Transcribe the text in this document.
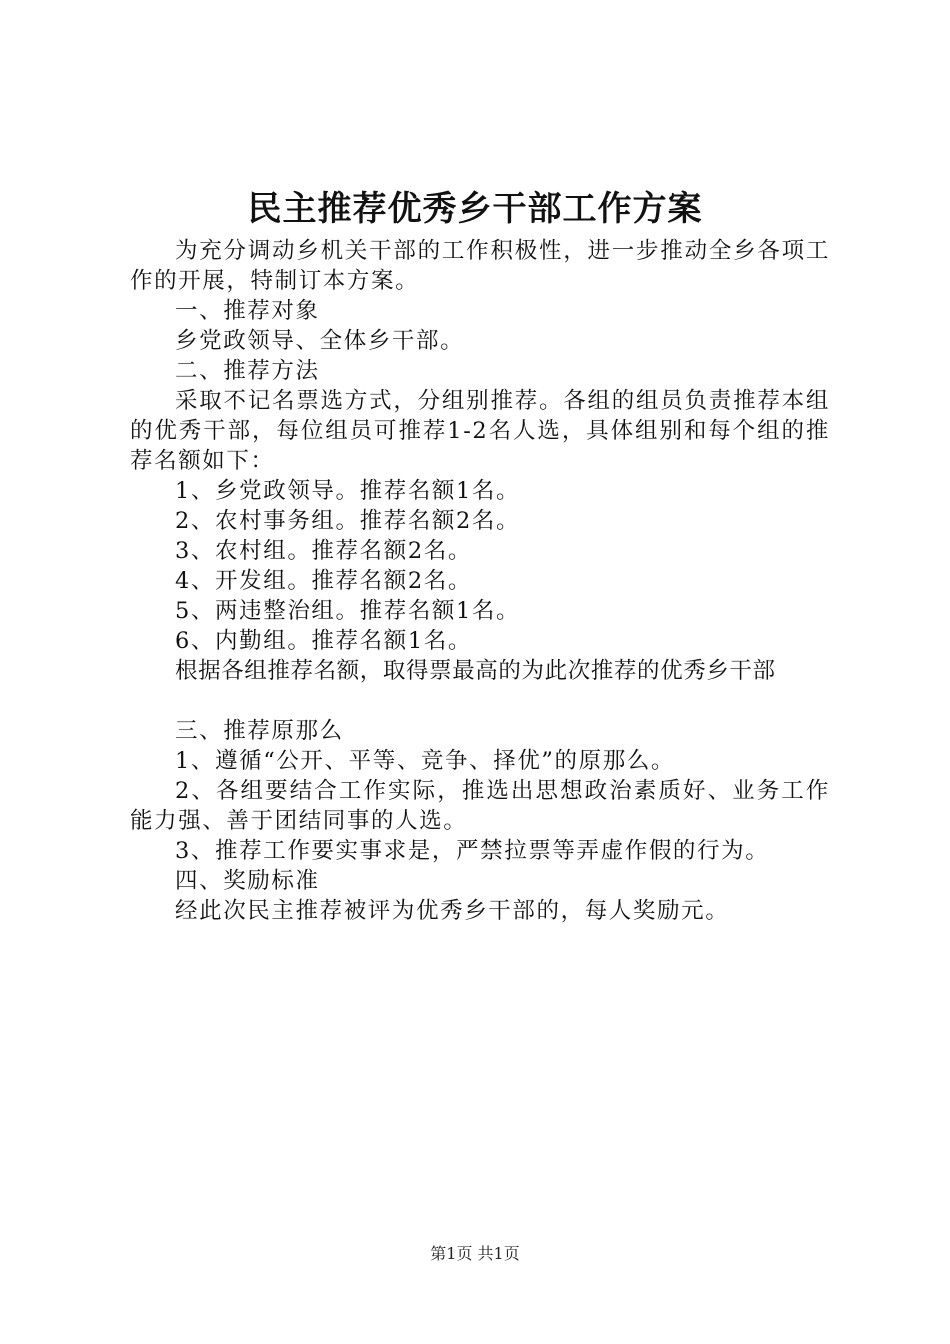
民主推荐优秀乡干部工作方案

为充分调动乡机关干部的工作积极性，进一步推动全乡各项工作的开展，特制订本方案。

一、推荐对象

乡党政领导、全体乡干部。

二、推荐方法

采取不记名票选方式，分组别推荐。各组的组员负责推荐本组的优秀干部，每位组员可推荐1-2名人选，具体组别和每个组的推荐名额如下：

1、乡党政领导。推荐名额1名。

2、农村事务组。推荐名额2名。

3、农村组。推荐名额2名。

4、开发组。推荐名额2名。

5、两违整治组。推荐名额1名。

6、内勤组。推荐名额1名。

根据各组推荐名额，取得票最高的为此次推荐的优秀乡干部

三、推荐原那么

1、遵循“公开、平等、竞争、择优”的原那么。

2、各组要结合工作实际，推选出思想政治素质好、业务工作能力强、善于团结同事的人选。

3、推荐工作要实事求是，严禁拉票等弄虚作假的行为。

四、奖励标准

经此次民主推荐被评为优秀乡干部的，每人奖励元。

第1页 共1页
